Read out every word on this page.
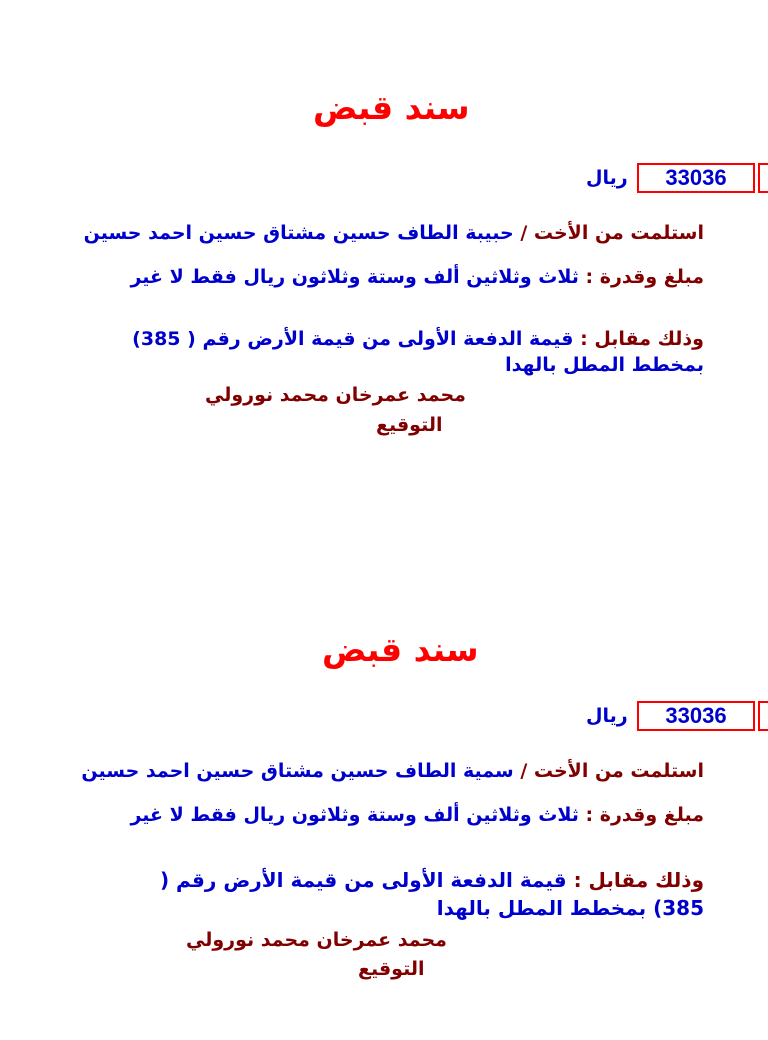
سند قبض
33036
ريال
استلمت من الأخت / حبيبة الطاف حسين مشتاق حسين احمد حسين
مبلغ وقدرة : ثلاث وثلاثين ألف وستة وثلاثون ريال فقط لا غير
وذلك مقابل : قيمة الدفعة الأولى من قيمة الأرض رقم ( 385) بمخطط المطل بالهدا
محمد عمرخان محمد نورولي
التوقيع
سند قبض
33036
ريال
استلمت من الأخت / سمية الطاف حسين مشتاق حسين احمد حسين
مبلغ وقدرة : ثلاث وثلاثين ألف وستة وثلاثون ريال فقط لا غير
وذلك مقابل : قيمة الدفعة الأولى من قيمة الأرض رقم ( 385) بمخطط المطل بالهدا
محمد عمرخان محمد نورولي
التوقيع
